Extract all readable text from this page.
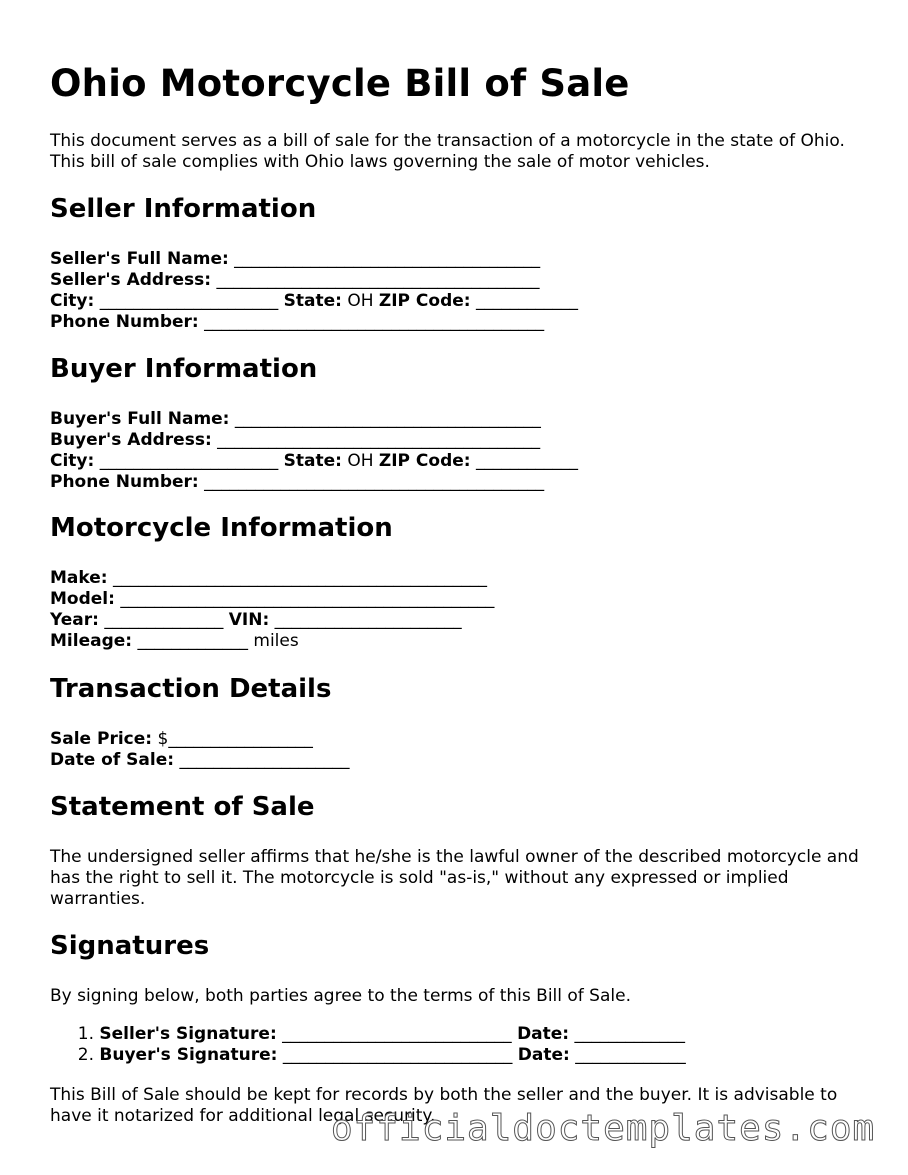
Ohio Motorcycle Bill of Sale

This document serves as a bill of sale for the transaction of a motorcycle in the state of Ohio. This bill of sale complies with Ohio laws governing the sale of motor vehicles.

Seller Information
Seller's Full Name: ____________________________________
Seller's Address: ______________________________________
City: _____________________ State: OH ZIP Code: ____________
Phone Number: ________________________________________
Buyer Information
Buyer's Full Name: ____________________________________
Buyer's Address: ______________________________________
City: _____________________ State: OH ZIP Code: ____________
Phone Number: ________________________________________
Motorcycle Information
Make: ____________________________________________
Model: ____________________________________________
Year: ______________ VIN: ______________________
Mileage: _____________ miles
Transaction Details
Sale Price: $_________________
Date of Sale: ____________________
Statement of Sale

The undersigned seller affirms that he/she is the lawful owner of the described motorcycle and has the right to sell it. The motorcycle is sold "as-is," without any expressed or implied warranties.

Signatures

By signing below, both parties agree to the terms of this Bill of Sale.

1. Seller's Signature: ___________________________ Date: _____________
2. Buyer's Signature: ___________________________ Date: _____________

This Bill of Sale should be kept for records by both the seller and the buyer. It is advisable to have it notarized for additional legal security.

officialdoctemplates.com
